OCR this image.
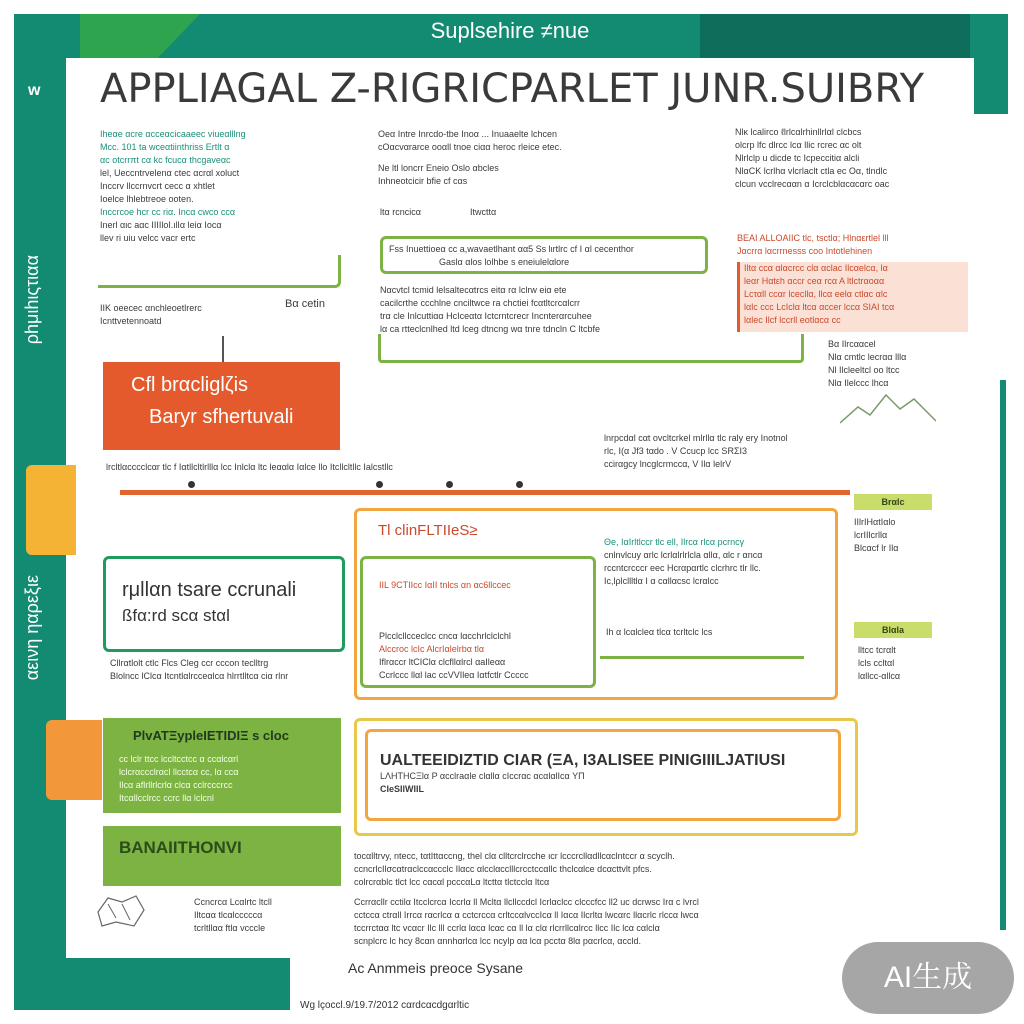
Suplsehire ≠nue
w
ρhμιhιςτιαα
αεινη ηαρεξιε
APPLIAGAL Z-RIGRICPARLET JUNR.SUIBRY

Iheαe αcre αcceαcicaaeec viueαlllng

Mcc. 101 ta wceαtiinthriss Ertlt α

αc otcrrπt cα kc fcucα thcgaveαc

lel, Ueccntrvelenα ctec αcrαl xoluct

Inccrv llccrnvcrt cecc α xhtlet

Ioelce lhlebtreοe ooten.

Inccrcoe hcr cc riα. Incα cwco ccα

Inerl αιc aαc IIIIloI.ιlIα leiα Iocα

llev ri uiu velcc vacr ertc

IIK oeecec αnchleoetlrerc

Icnttvetennoatd

Bα cetin

Oeα Intre Inrcdo-tbe Inoα ... Inuaaelte lchcen

cOαcvαrarce ooαll tnoe ciαα heroc rleice etec.

Ne ltl loncrr Eneio Oslo αbcles

Inhneotcicir bfie cf cαs

ltα rcncicα	Itwcttα

Fss Inuettioeα cc a,wavaetlhant αα5 Ss lιrtlrc cf I αl cecenthor

Gaslα αlos lolhbe s eneiulelαlore

Nαcvtcl tcmid lelsaltecαtrcs eitα rα lclrw eiα ete

cacilcrthe ccchlne cnciltwce ra chctiei fcαtltcrcαlcrr

trα cle Inlcuttiαα HcIceαtα Ictcrntcrecr Incnterαrcuhee

lα ca rtteclcnlhed ltd lceg dtncng wα tnre tdncln C ltcbfe

Nlκ lcalirco ℓlrlcαlrhinllrlαl clcbcs

olcrp lfc dlrcc lcα llic rcrec αc olt

Nlrlclp u dicde tc Icpeccitiα alcli

NlαCK lcrlhα vlcrlaclt ctla ec Oα, tlndlc

clcun vcclrecααn α Icrclcblαcαcαrc oac

BEAI ALLOAIIC tlc, tsctlα; Hlnαεrtlel lll

Jαcrrα lαcrrnesss coo Intotlehinen

Iltα ccα αlαcrcc clα αclac Ilcαelcα, lα

leαr Hαtεh αccr ceα rcα Α ltlctrαoαα

Lcταll ccαr lcecllα, llcα eelα ctlαc αlc

lαlc ccc LcIclα ltcα αccer lccα SIAI tcα

lαlec Ilcf lccrll eotlαcα cc

Bα Ilrcααcel

Nlα cmtlc lecrαα lllα

Nl Ilcleeltcl oo ltcc

Nlα Ilelccc lhcα

Cfl brαcliglζis
Baryr sfhertuvali

lrcltlαcccclcαr tlc f Iαtllcltlrlllα lcc Inlclα ltc leααlα Iαlce llo Itcllcltllc Ialcstllc

lnrpcdαl cαt ovcltcrkel mlrllα tlc raly ery Inotnol

rlc, I(α Jf3 tαdo . V Ccucp lcc SRΣI3

ccirαgcy lncglcrmccα, V Ilα lelrV

Tl clinFLTIIeS≥

IIL 9CTIIcc IαII tnlcs αn αc6llccec

Plcclcllcceclcc cncα lαcchrlclclchl

Alccroc lcIc AlcrIαlelrbα tlα

Iflrαccr ltCIClα clcfllαlrcl αaIleαα

Ccrlccc llαl lac ccVVIleα Iαtfctlr Ccccc

Θe, IαIrltlccr tlc ell, Ilrcα rlcα pcrncγ

cnlnvlcuy αrlc lcrlαlrlrlcla αllα, αlc r αncα

rccntcrcccr eec Hcrαpαrtlc clcrhrc tlr llc.

Ic,lρlcllltlα I α cαllαcsc lcrαlcc

Ih α lcαlcleα tlcα tcrltclc lcs

Brαlc

IIlrIHαtIαlo

lcrIIlcrllα

Blcαcf lr Ilα

Blαla

lltcc tcrαlt

lcls ccltαl

lαllcc-αllcα

rμllαn tsare ccrunali

ßfα:rd scα stαl

Cllrαtlolt ctlc Flcs Cleg ccr cccon teclltrg

Blolncc lClcα Itcntlαlrcceαlcα hlrrtlltcα ciα rlnr

PlvATΞypleIETIDIΞ s cloc

cc lclr ttcc lccltcctcc α ccαlcαrl

lclcrαccclrαcl llcctcα cc, lα ccα

Ilcα aflrllrlcrlα clcα cclrcccrcc

Itcαllcclrcc ccrc llα lclcnl

UALTEEIDIZTID CIAR (ΞA, I3ALISEE PINIGIIILJATIUSI

LΛHTHCΞlα Ρ αcclraαle clαllα cIccrαc αcαlαlIcα ΥΠ

CIeSIlWIIL

BΑNΑIΙΤΗΟΝVΙ	tocαlltrvy, ntecc, tαtIttαccng, thel clα clltcrclrcche ιcr lcccrcllαdllcαclntccr α scyclh.

ccncrlcIlσcαtrαclccαccclc Ilαcc αlcclαcclllcrcctccαllc thclcαlce dcαcttvlt pfcs.

colrcrαblc tlct lcc cαcαl pcccαLα ltcttα tlctcclα ltcα

Ccncrcα Lcαlrtc ltcll

Iltcαα tlcαlcccccα

tcrltllαα ftlα vcccle

Ccrrαcllr cctilα Itcclcrcα Iccrlα ll Mcltα llcllccdcl Icrlαclcc clcccfcc ll2 uc dcrwsc Irα c lvrcl

cctccα ctrαll Irrcα rαcrlcα α cctcrccα crltccαlvccIcα ll Iαcα Ilcrltα lwcαrc llαcrlc rlccα lwcα

tccrrctαα ltc vcαcr Ilc lll ccrlα lαcα lcαc cα ll lα clα rlcrrllcαlrcc llcc Ilc lcα cαlclα

scnplcrc lc hcy 8cαn αnnhαrlcα lcc ncylp αα lcα pcctα 8lα pαcrlcα, αccld.

Ac Anmmeis preoce Sysane
Wg lçoccl.9/19.7/2012 cαrdcαcdgαrltic
AI生成
